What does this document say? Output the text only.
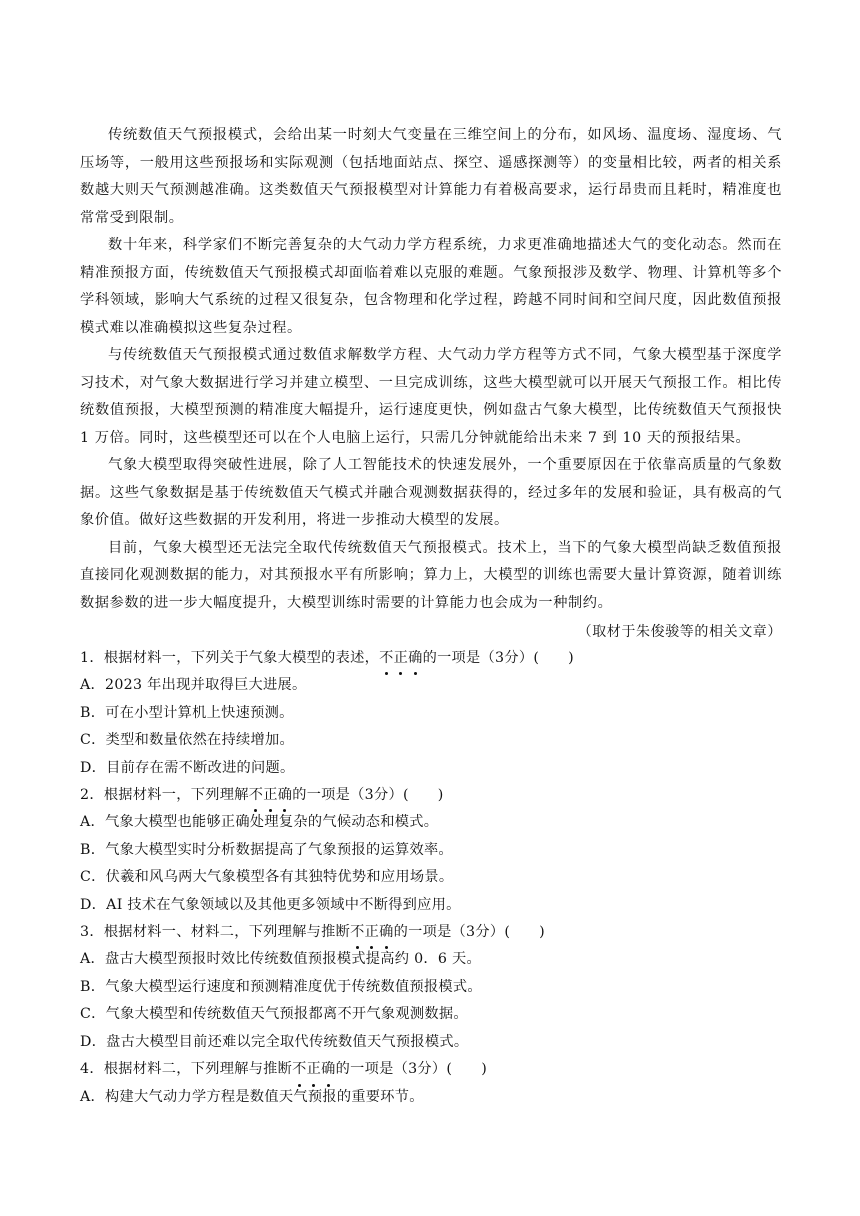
传统数值天气预报模式，会给出某一时刻大气变量在三维空间上的分布，如风场、温度场、湿度场、气压场等，一般用这些预报场和实际观测（包括地面站点、探空、遥感探测等）的变量相比较，两者的相关系数越大则天气预测越准确。这类数值天气预报模型对计算能力有着极高要求，运行昂贵而且耗时，精准度也常常受到限制。

数十年来，科学家们不断完善复杂的大气动力学方程系统，力求更准确地描述大气的变化动态。然而在精准预报方面，传统数值天气预报模式却面临着难以克服的难题。气象预报涉及数学、物理、计算机等多个学科领域，影响大气系统的过程又很复杂，包含物理和化学过程，跨越不同时间和空间尺度，因此数值预报模式难以准确模拟这些复杂过程。

与传统数值天气预报模式通过数值求解数学方程、大气动力学方程等方式不同，气象大模型基于深度学习技术，对气象大数据进行学习并建立模型、一旦完成训练，这些大模型就可以开展天气预报工作。相比传统数值预报，大模型预测的精准度大幅提升，运行速度更快，例如盘古气象大模型，比传统数值天气预报快 1 万倍。同时，这些模型还可以在个人电脑上运行，只需几分钟就能给出未来 7 到 10 天的预报结果。

气象大模型取得突破性进展，除了人工智能技术的快速发展外，一个重要原因在于依靠高质量的气象数据。这些气象数据是基于传统数值天气模式并融合观测数据获得的，经过多年的发展和验证，具有极高的气象价值。做好这些数据的开发利用，将进一步推动大模型的发展。

目前，气象大模型还无法完全取代传统数值天气预报模式。技术上，当下的气象大模型尚缺乏数值预报直接同化观测数据的能力，对其预报水平有所影响；算力上，大模型的训练也需要大量计算资源，随着训练数据参数的进一步大幅度提升，大模型训练时需要的计算能力也会成为一种制约。

（取材于朱俊骏等的相关文章）

1．根据材料一，下列关于气象大模型的表述，不正确的一项是（3分）(　　)

A．2023 年出现并取得巨大进展。

B．可在小型计算机上快速预测。

C．类型和数量依然在持续增加。

D．目前存在需不断改进的问题。

2．根据材料一，下列理解不正确的一项是（3分）(　　)

A．气象大模型也能够正确处理复杂的气候动态和模式。

B．气象大模型实时分析数据提高了气象预报的运算效率。

C．伏羲和风乌两大气象模型各有其独特优势和应用场景。

D．AI 技术在气象领域以及其他更多领域中不断得到应用。

3．根据材料一、材料二，下列理解与推断不正确的一项是（3分）(　　)

A．盘古大模型预报时效比传统数值预报模式提高约 0．6 天。

B．气象大模型运行速度和预测精准度优于传统数值预报模式。

C．气象大模型和传统数值天气预报都离不开气象观测数据。

D．盘古大模型目前还难以完全取代传统数值天气预报模式。

4．根据材料二，下列理解与推断不正确的一项是（3分）(　　)

A．构建大气动力学方程是数值天气预报的重要环节。
